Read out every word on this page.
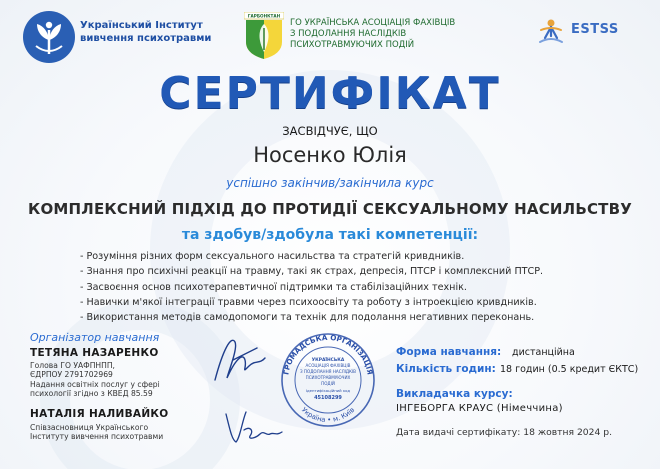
Український Інститут
вивчення психотравми
ГАРБОНКТАН
ГО УКРАЇНСЬКА АСОЦІАЦІЯ ФАХІВЦІВ
З ПОДОЛАННЯ НАСЛІДКІВ
ПСИХОТРАВМУЮЧИХ ПОДІЙ
ESTSS
СЕРТИФІКАТ
ЗАСВІДЧУЄ, ЩО
Носенко Юлія
успішно закінчив/закінчила курс
КОМПЛЕКСНИЙ ПІДХІД ДО ПРОТИДІЇ СЕКСУАЛЬНОМУ НАСИЛЬСТВУ
та здобув/здобула такі компетенції:
- Розуміння різних форм сексуального насильства та стратегій кривдників.
- Знання про психічні реакції на травму, такі як страх, депресія, ПТСР і комплексний ПТСР.
- Засвоєння основ психотерапевтичної підтримки та стабілізаційних технік.
- Навички м'якої інтеграції травми через психоосвіту та роботу з інтроекцією кривдників.
- Використання методів самодопомоги та технік для подолання негативних переконань.
Організатор навчання
ТЕТЯНА НАЗАРЕНКО
Голова ГО УАФПНПП,
ЄДРПОУ 2791702969
Надання освітніх послуг у сфері
психології згідно з КВЕД 85.59
НАТАЛІЯ НАЛИВАЙКО
Співзасновниця Українського
Інституту вивчення психотравми
ГРОМАДСЬКА ОРГАНІЗАЦІЯ
Україна • м. Київ
УКРАЇНСЬКА
АСОЦІАЦІЯ ФАХІВЦІВ
З ПОДОЛАННЯ НАСЛІДКІВ
ПСИХОТРАВМУЮЧИХ
ПОДІЙ
Ідентифікаційний код
45108299
Форма навчання: дистанційна
Кількість годин: 18 годин (0.5 кредит ЄКТС)
Викладачка курсу:
ІНГЕБОРГА КРАУС (Німеччина)
Дата видачі сертифікату: 18 жовтня 2024 р.
